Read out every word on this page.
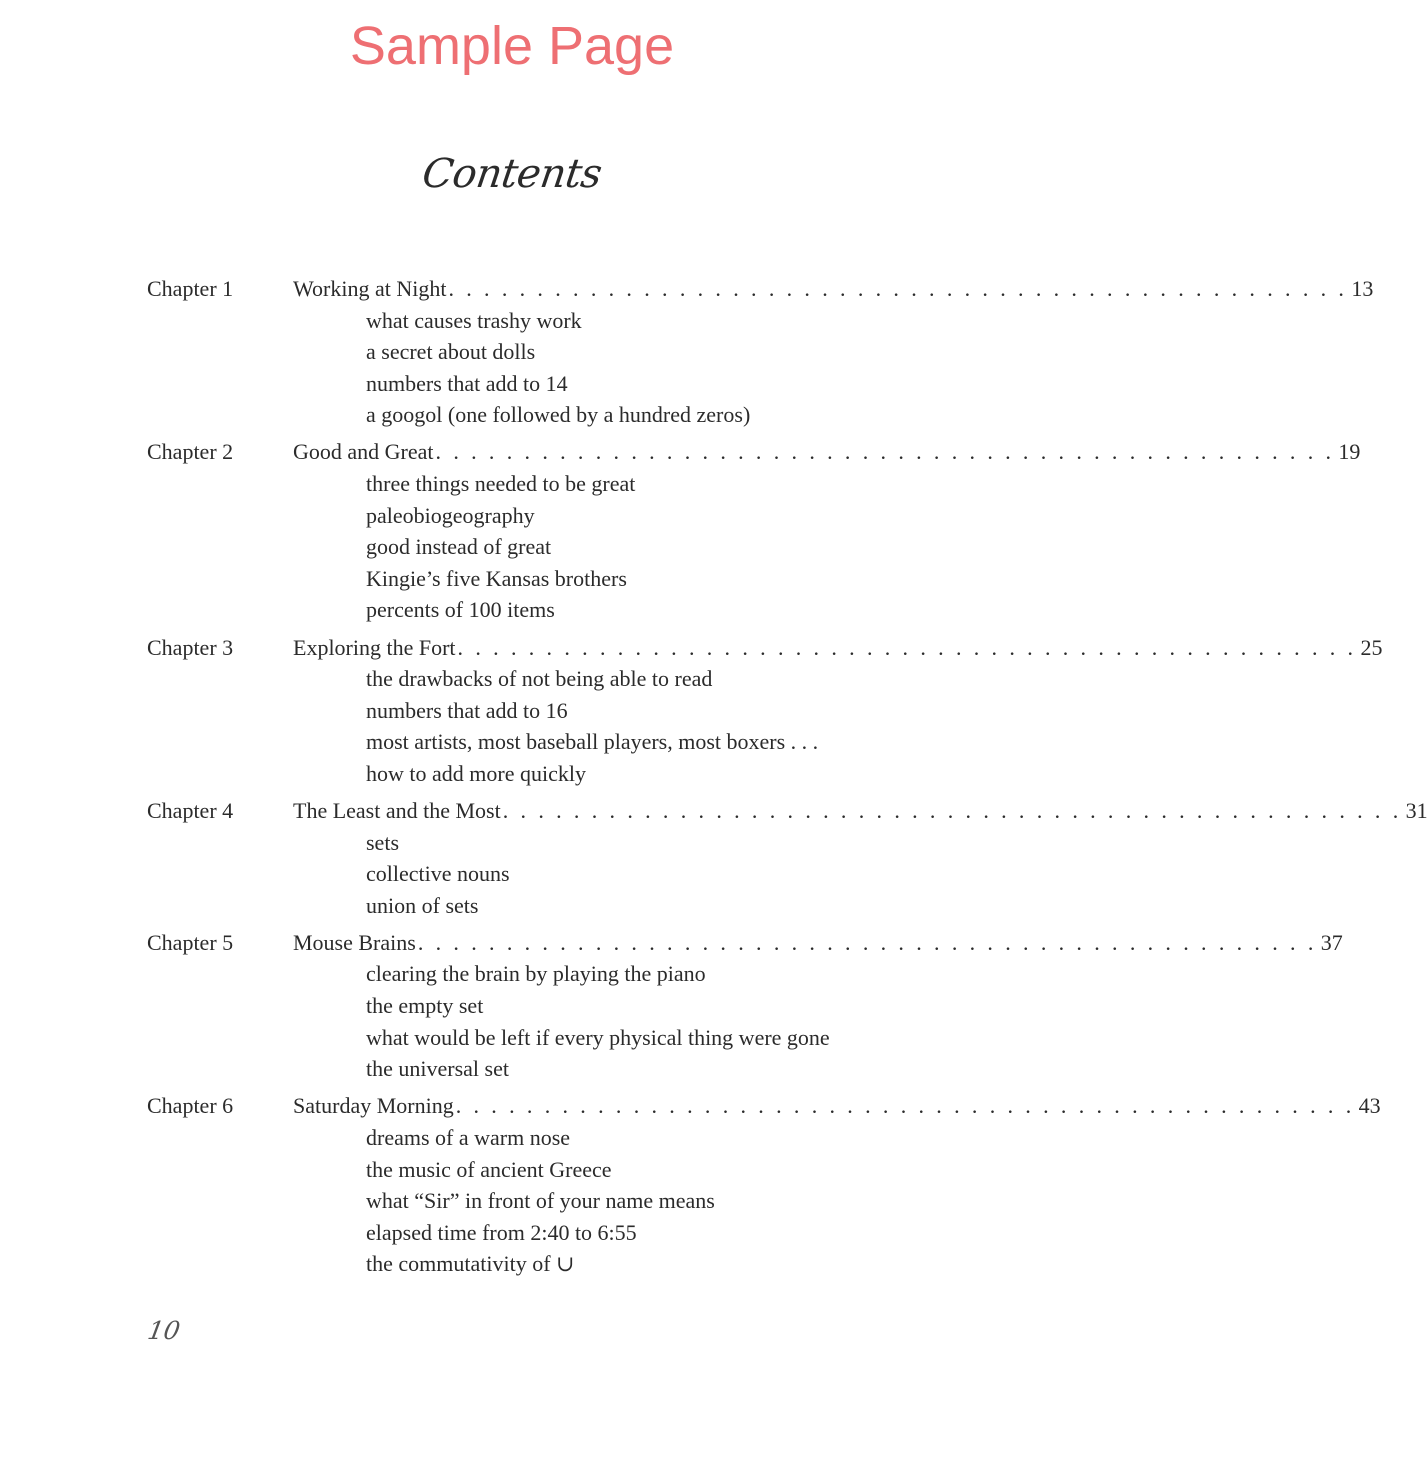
Sample Page
Contents
Chapter 1	Working at Night . . . . . . . . . . . . . . . . . . . . . . . . . . . . . . . . . . . . . . . . . . . . . . . . . . . 13
what causes trashy work
a secret about dolls
numbers that add to 14
a googol (one followed by a hundred zeros)
Chapter 2	Good and Great . . . . . . . . . . . . . . . . . . . . . . . . . . . . . . . . . . . . . . . . . . . . . . . . . . . 19
three things needed to be great
paleobiogeography
good instead of great
Kingie’s five Kansas brothers
percents of 100 items
Chapter 3	Exploring the Fort . . . . . . . . . . . . . . . . . . . . . . . . . . . . . . . . . . . . . . . . . . . . . . . . . . . 25
the drawbacks of not being able to read
numbers that add to 16
most artists, most baseball players, most boxers . . .
how to add more quickly
Chapter 4	The Least and the Most . . . . . . . . . . . . . . . . . . . . . . . . . . . . . . . . . . . . . . . . . . . . . . . . . . . 31
sets
collective nouns
union of sets
Chapter 5	Mouse Brains . . . . . . . . . . . . . . . . . . . . . . . . . . . . . . . . . . . . . . . . . . . . . . . . . . . 37
clearing the brain by playing the piano
the empty set
what would be left if every physical thing were gone
the universal set
Chapter 6	Saturday Morning . . . . . . . . . . . . . . . . . . . . . . . . . . . . . . . . . . . . . . . . . . . . . . . . . . . 43
dreams of a warm nose
the music of ancient Greece
what “Sir” in front of your name means
elapsed time from 2:40 to 6:55
the commutativity of ∪
10
